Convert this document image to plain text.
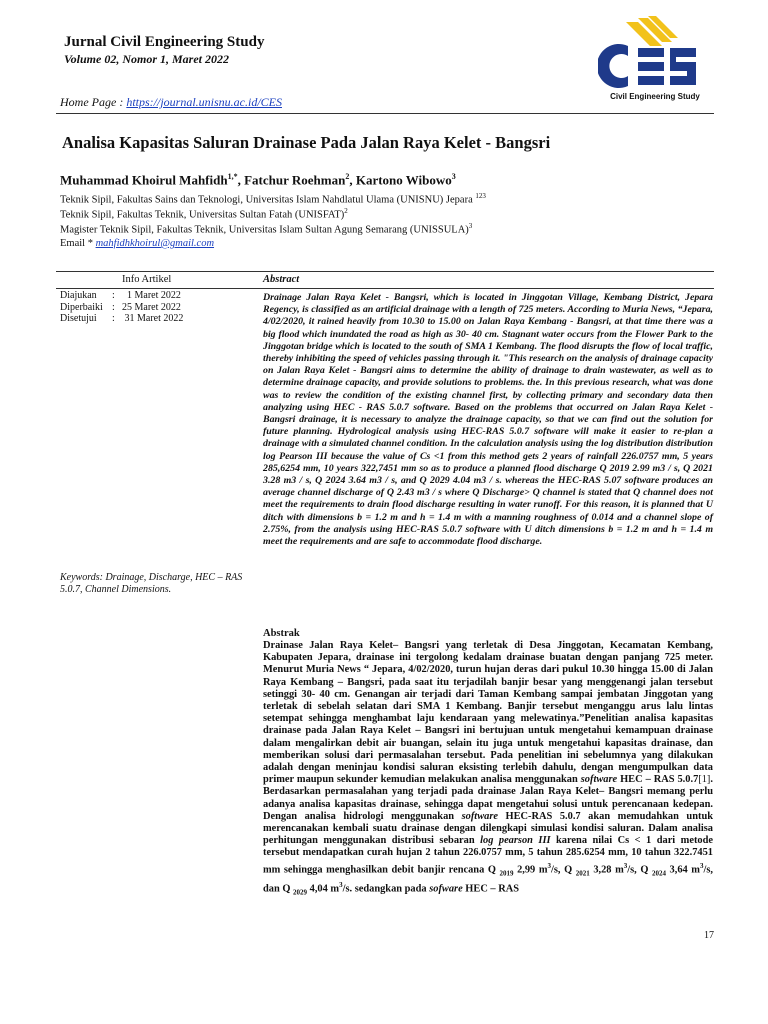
Jurnal Civil Engineering Study
Volume 02, Nomor 1, Maret 2022
Home Page : https://journal.unisnu.ac.id/CES	Civil Engineering Study
Analisa Kapasitas Saluran Drainase Pada Jalan Raya Kelet - Bangsri
Muhammad Khoirul Mahfidh$^{1,*}$, Fatchur Roehman$^2$, Kartono Wibowo$^3$
Teknik Sipil, Fakultas Sains dan Teknologi, Universitas Islam Nahdlatul Ulama (UNISNU) Jepara $^{123}$
Teknik Sipil, Fakultas Teknik, Universitas Sultan Fatah (UNISFAT)$^2$
Magister Teknik Sipil, Fakultas Teknik, Universitas Islam Sultan Agung Semarang (UNISSULA)$^3$
Email * mahfidhkhoirul@gmail.com
Info Artikel	Abstract
Diajukan	: 1 Maret 2022
Diperbaiki : 25 Maret 2022
Disetujui	: 31 Maret 2022
Keywords: Drainage, Discharge, HEC – RAS 5.0.7, Channel Dimensions.
Drainage Jalan Raya Kelet - Bangsri, which is located in Jinggotan Village, Kembang District, Jepara Regency, is classified as an artificial drainage with a length of 725 meters. According to Muria News, “Jepara, 4/02/2020, it rained heavily from 10.30 to 15.00 on Jalan Raya Kembang - Bangsri, at that time there was a big flood which inundated the road as high as 30- 40 cm. Stagnant water occurs from the Flower Park to the Jinggotan bridge which is located to the south of SMA 1 Kembang. The flood disrupts the flow of local traffic, thereby inhibiting the speed of vehicles passing through it. "This research on the analysis of drainage capacity on Jalan Raya Kelet - Bangsri aims to determine the ability of drainage to drain wastewater, as well as to determine drainage capacity, and provide solutions to problems. the. In this previous research, what was done was to review the condition of the existing channel first, by collecting primary and secondary data then analyzing using HEC - RAS 5.0.7 software. Based on the problems that occurred on Jalan Raya Kelet - Bangsri drainage, it is necessary to analyze the drainage capacity, so that we can find out the solution for future planning. Hydrological analysis using HEC-RAS 5.0.7 software will make it easier to re-plan a drainage with a simulated channel condition. In the calculation analysis using the log distribution distribution log Pearson III because the value of Cs <1 from this method gets 2 years of rainfall 226.0757 mm, 5 years 285,6254 mm, 10 years 322,7451 mm so as to produce a planned flood discharge Q 2019 2.99 m3 / s, Q 2021 3.28 m3 / s, Q 2024 3.64 m3 / s, and Q 2029 4.04 m3 / s. whereas the HEC-RAS 5.07 software produces an average channel discharge of Q 2.43 m3 / s where Q Discharge> Q channel is stated that Q channel does not meet the requirements to drain flood discharge resulting in water runoff. For this reason, it is planned that U ditch with dimensions b = 1.2 m and h = 1.4 m with a manning roughness of 0.014 and a channel slope of 2.75%, from the analysis using HEC-RAS 5.0.7 software with U ditch dimensions b = 1.2 m and h = 1.4 m meet the requirements and are safe to accommodate flood discharge.
Abstrak
Drainase Jalan Raya Kelet– Bangsri yang terletak di Desa Jinggotan, Kecamatan Kembang, Kabupaten Jepara, drainase ini tergolong kedalam drainase buatan dengan panjang 725 meter. Menurut Muria News “ Jepara, 4/02/2020, turun hujan deras dari pukul 10.30 hingga 15.00 di Jalan Raya Kembang – Bangsri, pada saat itu terjadilah banjir besar yang menggenangi jalan tersebut setinggi 30- 40 cm. Genangan air terjadi dari Taman Kembang sampai jembatan Jinggotan yang terletak di sebelah selatan dari SMA 1 Kembang. Banjir tersebut menganggu arus lalu lintas setempat sehingga menghambat laju kendaraan yang melewatinya.”Penelitian analisa kapasitas drainase pada Jalan Raya Kelet – Bangsri ini bertujuan untuk mengetahui kemampuan drainase dalam mengalirkan debit air buangan, selain itu juga untuk mengetahui kapasitas drainase, dan memberikan solusi dari permasalahan tersebut. Pada penelitian ini sebelumnya yang dilakukan adalah dengan meninjau kondisi saluran eksisting terlebih dahulu, dengan mengumpulkan data primer maupun sekunder kemudian melakukan analisa menggunakan software HEC – RAS 5.0.7[1]. Berdasarkan permasalahan yang terjadi pada drainase Jalan Raya Kelet– Bangsri memang perlu adanya analisa kapasitas drainase, sehingga dapat mengetahui solusi untuk perencanaan kedepan. Dengan analisa hidrologi menggunakan software HEC-RAS 5.0.7 akan memudahkan untuk merencanakan kembali suatu drainase dengan dilengkapi simulasi kondisi saluran. Dalam analisa perhitungan menggunakan distribusi sebaran log pearson III karena nilai Cs < 1 dari metode tersebut mendapatkan curah hujan 2 tahun 226.0757 mm, 5 tahun 285.6254 mm, 10 tahun 322.7451 mm sehingga menghasilkan debit banjir rencana Q $_{2019}$ 2,99 $m^3/s$, Q $_{2021}$ 3,28 $m^3/s$, Q $_{2024}$ 3,64 $m^3/s$, dan Q $_{2029}$ 4,04 $m^3/s$. sedangkan pada sofware HEC – RAS
17
